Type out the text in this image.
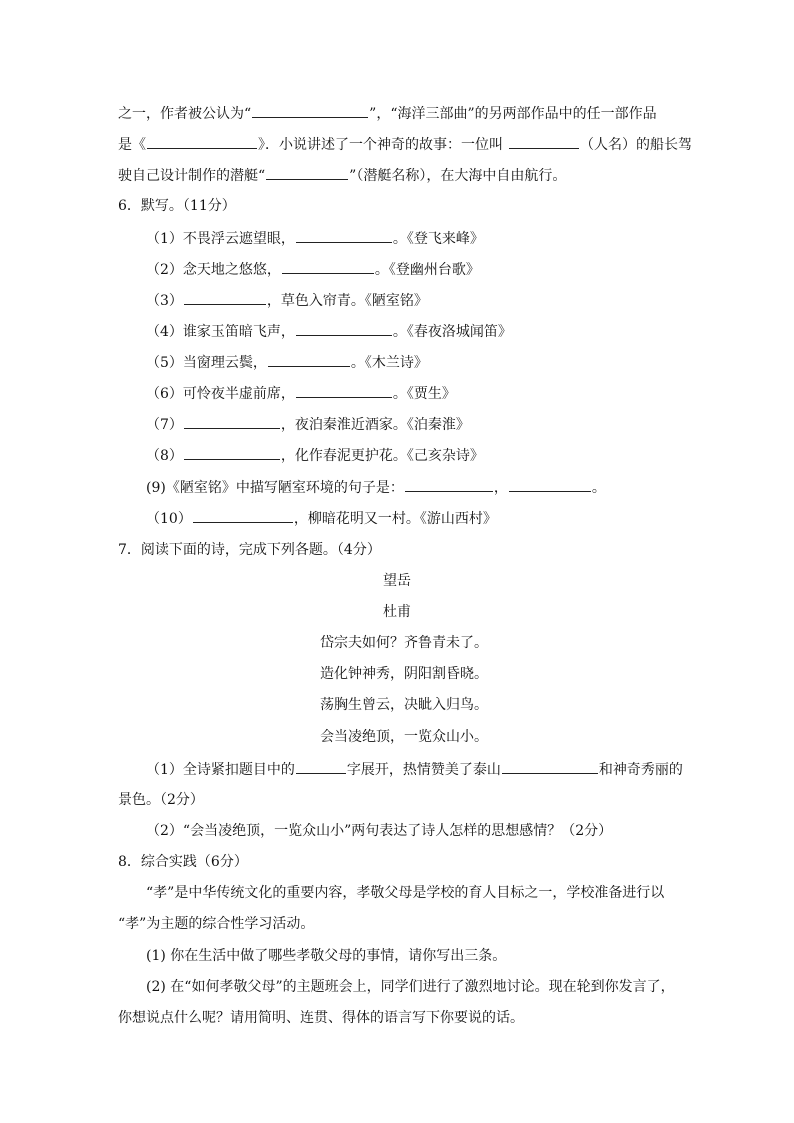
之一，作者被公认为“	”，“海洋三部曲”的另两部作品中的任一部作品
是《	》．小说讲述了一个神奇的故事：一位叫	（人名）的船长驾
驶自己设计制作的潜艇“	”（潜艇名称），在大海中自由航行。
6．默写。（11分）
（1）不畏浮云遮望眼，	。《登飞来峰》
（2）念天地之悠悠，	。《登幽州台歌》
（3）	，草色入帘青。《陋室铭》
（4）谁家玉笛暗飞声，	。《春夜洛城闻笛》
（5）当窗理云鬓，	。《木兰诗》
（6）可怜夜半虚前席，	。《贾生》
（7）	，夜泊秦淮近酒家。《泊秦淮》
（8）	，化作春泥更护花。《己亥杂诗》
(9)《陋室铭》中描写陋室环境的句子是：	，	。
（10）	，柳暗花明又一村。《游山西村》
7．阅读下面的诗，完成下列各题。（4分）
望岳
杜甫
岱宗夫如何？齐鲁青未了。
造化钟神秀，阴阳割昏晓。
荡胸生曾云，决眦入归鸟。
会当凌绝顶，一览众山小。
（1）全诗紧扣题目中的	字展开，热情赞美了泰山	和神奇秀丽的
景色。（2分）
（2）“会当凌绝顶，一览众山小”两句表达了诗人怎样的思想感情？（2分）
8．综合实践（6分）
“孝”是中华传统文化的重要内容，孝敬父母是学校的育人目标之一，学校准备进行以
“孝”为主题的综合性学习活动。
(1) 你在生活中做了哪些孝敬父母的事情，请你写出三条。
(2) 在“如何孝敬父母”的主题班会上，同学们进行了激烈地讨论。现在轮到你发言了，
你想说点什么呢？请用简明、连贯、得体的语言写下你要说的话。
